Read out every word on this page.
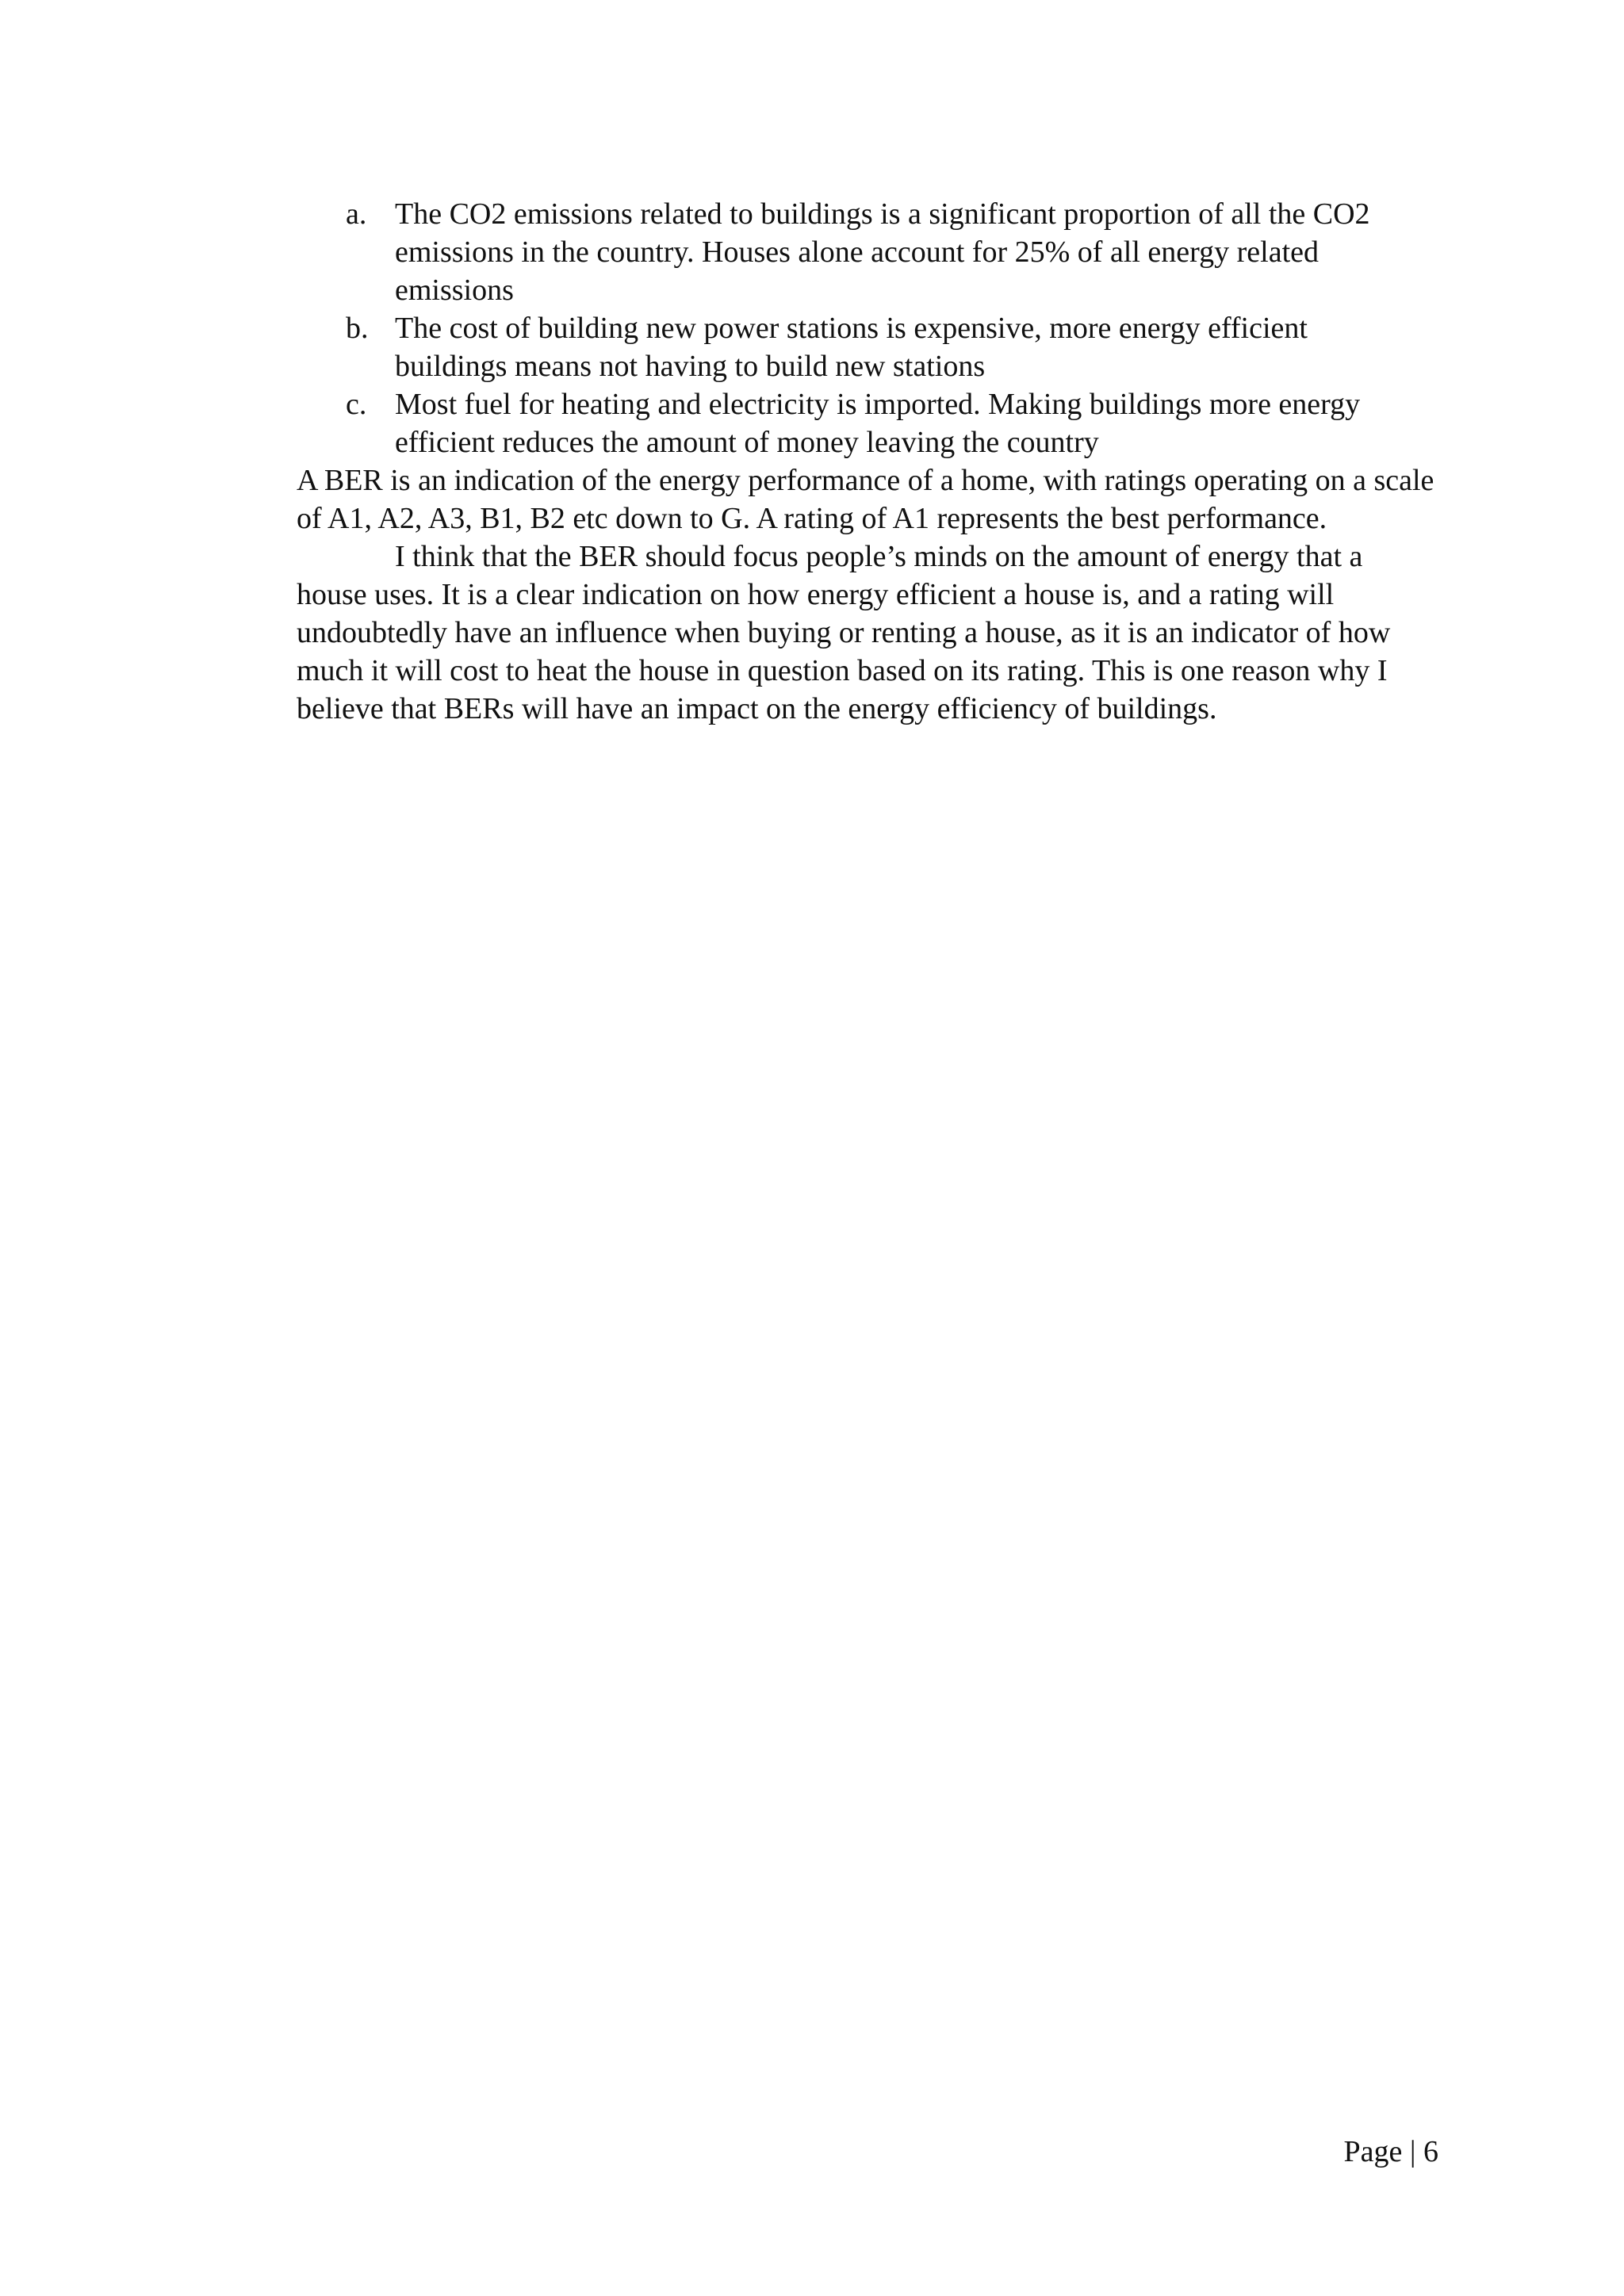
a. The CO2 emissions related to buildings is a significant proportion of all the CO2 emissions in the country. Houses alone account for 25% of all energy related emissions
b. The cost of building new power stations is expensive, more energy efficient buildings means not having to build new stations
c. Most fuel for heating and electricity is imported. Making buildings more energy efficient reduces the amount of money leaving the country

A BER is an indication of the energy performance of a home, with ratings operating on a scale of A1, A2, A3, B1, B2 etc down to G. A rating of A1 represents the best performance.

I think that the BER should focus people’s minds on the amount of energy that a house uses. It is a clear indication on how energy efficient a house is, and a rating will undoubtedly have an influence when buying or renting a house, as it is an indicator of how much it will cost to heat the house in question based on its rating. This is one reason why I believe that BERs will have an impact on the energy efficiency of buildings.

Page | 6
